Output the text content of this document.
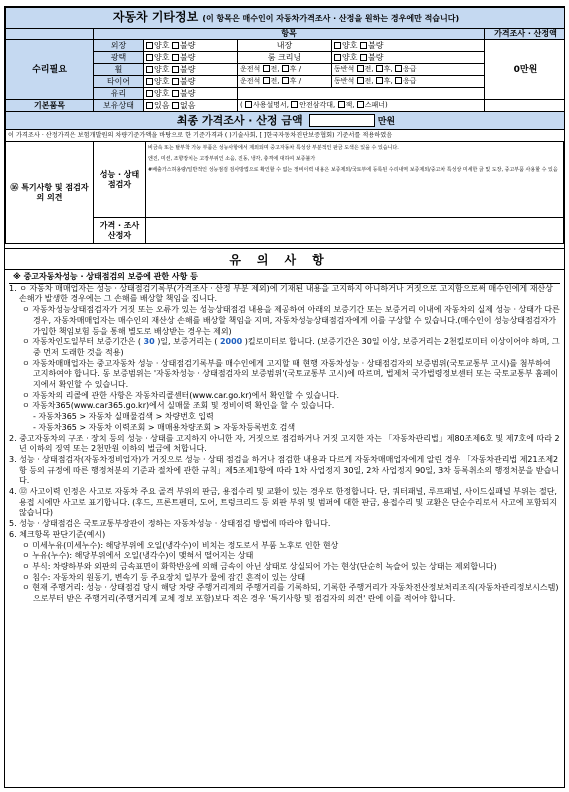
자동차 기타정보 (이 항목은 매수인이 자동차가격조사 · 산정을 원하는 경우에만 적습니다)					
	항목				가격조사 · 산정액
수리필요	외장	양호 불량	내장	양호 불량	0만원
	광택	양호 불량	룸 크리닝	양호 불량	
	휠	양호 불량	운전석 전, 후 /	동반석 전, 후, 응급	
	타이어	양호 불량	운전석 전, 후 /	동반석 전, 후, 응급	
	유리	양호 불량			
기본품목	보유상태	있음 없음	( 사용설명서, 안전삼각대, 잭, 스패너)		
최종 가격조사 · 산정 금액 만원					
이 가격조사 · 산정가격은 보험개발원의 차량기준가액을 바탕으로 한 기준가격과 ( )기술사회, [ ]한국자동차진단보증협회) 기준서를 적용하였음					
⑯ 특기사항 및 점검자의 의견	성능 · 상태 점검자	비금속 또는 탈부착 가능 부품은 성능사항에서 제외되며 중고자동차 특성상 부분적인 판금 도색은 있을 수 있습니다.

엔진, 미션, 조향장치는 고장부위인 소음, 진동, 냉각, 충격에 대하여 보증불가

#배출가스허용량/일반적인 성능점검 검사방법으로 확인할 수 없는 정비이력 내용은 보증제외/국토부에 등록된 수리내역 보증제외/중고차 특성상 미세한 긁 및 도장, 중고부품 사용할 수 있음

	가격 · 조사 산정자	
유의사항

※ 중고자동차성능 · 상태점검의 보증에 관한 사항 등

1. ㅇ 자동차 매매업자는 성능 · 상태점검기록부(가격조사 · 산정 부분 제외)에 기재된 내용을 고지하지 아니하거나 거짓으로 고지함으로써 매수인에게 재산상 손해가 발생한 경우에는 그 손해를 배상할 책임을 집니다.

ㅇ 자동차성능상태점검자가 거짓 또는 오류가 있는 성능상태점검 내용을 제공하여 아래의 보증기간 또는 보증거리 이내에 자동차의 실제 성능 · 상태가 다른 경우, 자동차매매업자는 매수인의 재산상 손해를 배상할 책임을 지며, 자동차성능상태점검자에게 이를 구상할 수 있습니다.(매수인이 성능상태점검자가 가입한 책임보험 등을 통해 별도로 배상받는 경우는 제외)

ㅇ 자동차인도일부터 보증기간은 ( 30 )일, 보증거리는 ( 2000 )킬로미터로 합니다. (보증기간은 30일 이상, 보증거리는 2천킬로미터 이상이어야 하며, 그 중 먼저 도래한 것을 적용)

ㅇ 자동차매매업자는 중고자동차 성능 · 상태점검기록부를 매수인에게 고지할 때 현행 자동차성능 · 상태점검자의 보증범위(국토교통부 고시)를 첨부하여 고지하여야 합니다. 동 보증범위는 '자동차성능 · 상태점검자의 보증범위'(국토교통부 고시)에 따르며, 법제처 국가법령정보센터 또는 국토교통부 홈페이지에서 확인할 수 있습니다.

ㅇ 자동차의 리콜에 관한 사항은 자동차리콜센터(www.car.go.kr)에서 확인할 수 있습니다.

ㅇ 자동차365(www.car365.go.kr)에서 실매물 조회 및 정비이력 확인을 할 수 있습니다.

- 자동차365 > 자동차 실매물검색 > 차량번호 입력

- 자동차365 > 자동차 이력조회 > 매매용차량조회 > 자동차등록번호 검색

2. 중고자동차의 구조 · 장치 등의 성능 · 상태를 고지하지 아니한 자, 거짓으로 점검하거나 거짓 고지한 자는 「자동차관리법」제80조제6호 및 제7호에 따라 2년 이하의 징역 또는 2천만원 이하의 벌금에 처합니다.

3. 성능 · 상태점검자(자동차정비업자)가 거짓으로 성능 · 상태 점검을 하거나 점검한 내용과 다르게 자동차매매업자에게 알린 경우 「자동차관리법 제21조제2항 등의 규정에 따른 행정처분의 기준과 절차에 관한 규칙」제5조제1항에 따라 1차 사업정지 30일, 2차 사업정지 90일, 3차 등록취소의 행정처분을 받습니다.

4. ⑫ 사고이력 인정은 사고로 자동차 주요 골격 부위의 판금, 용접수리 및 교환이 있는 경우로 한정합니다. 단, 쿼터패널, 루프패널, 사이드실패널 부위는 절단, 용접 시에만 사고로 표기합니다. (후드, 프론트펜더, 도어, 트렁크리드 등 외판 부위 및 범퍼에 대한 판금, 용접수리 및 교환은 단순수리로서 사고에 포함되지 않습니다)

5. 성능 · 상태점검은 국토교통부장관이 정하는 자동차성능 · 상태점검 방법에 따라야 합니다.

6. 체크항목 판단기준(예시)

ㅇ 미세누유(미세누수): 해당부위에 오일(냉각수)이 비치는 정도로서 부품 노후로 인한 현상

ㅇ 누유(누수): 해당부위에서 오일(냉각수)이 맺혀서 떨어지는 상태

ㅇ 부식: 차량하부와 외판의 금속표면이 화학반응에 의해 금속이 아닌 상태로 상실되어 가는 현상(단순히 녹슬어 있는 상태는 제외합니다)

ㅇ 침수: 자동차의 원동기, 변속기 등 주요장치 일부가 물에 잠긴 흔적이 있는 상태

ㅇ 현재 주행거리: 성능 · 상태점검 당시 해당 차량 주행거리계의 주행거리를 기록하되, 기록한 주행거리가 자동차전산정보처리조직(자동차관리정보시스템)으로부터 받은 주행거리(주행거리계 교체 정보 포함)보다 적은 경우 '특기사항 및 점검자의 의견' 란에 이를 적어야 합니다.
